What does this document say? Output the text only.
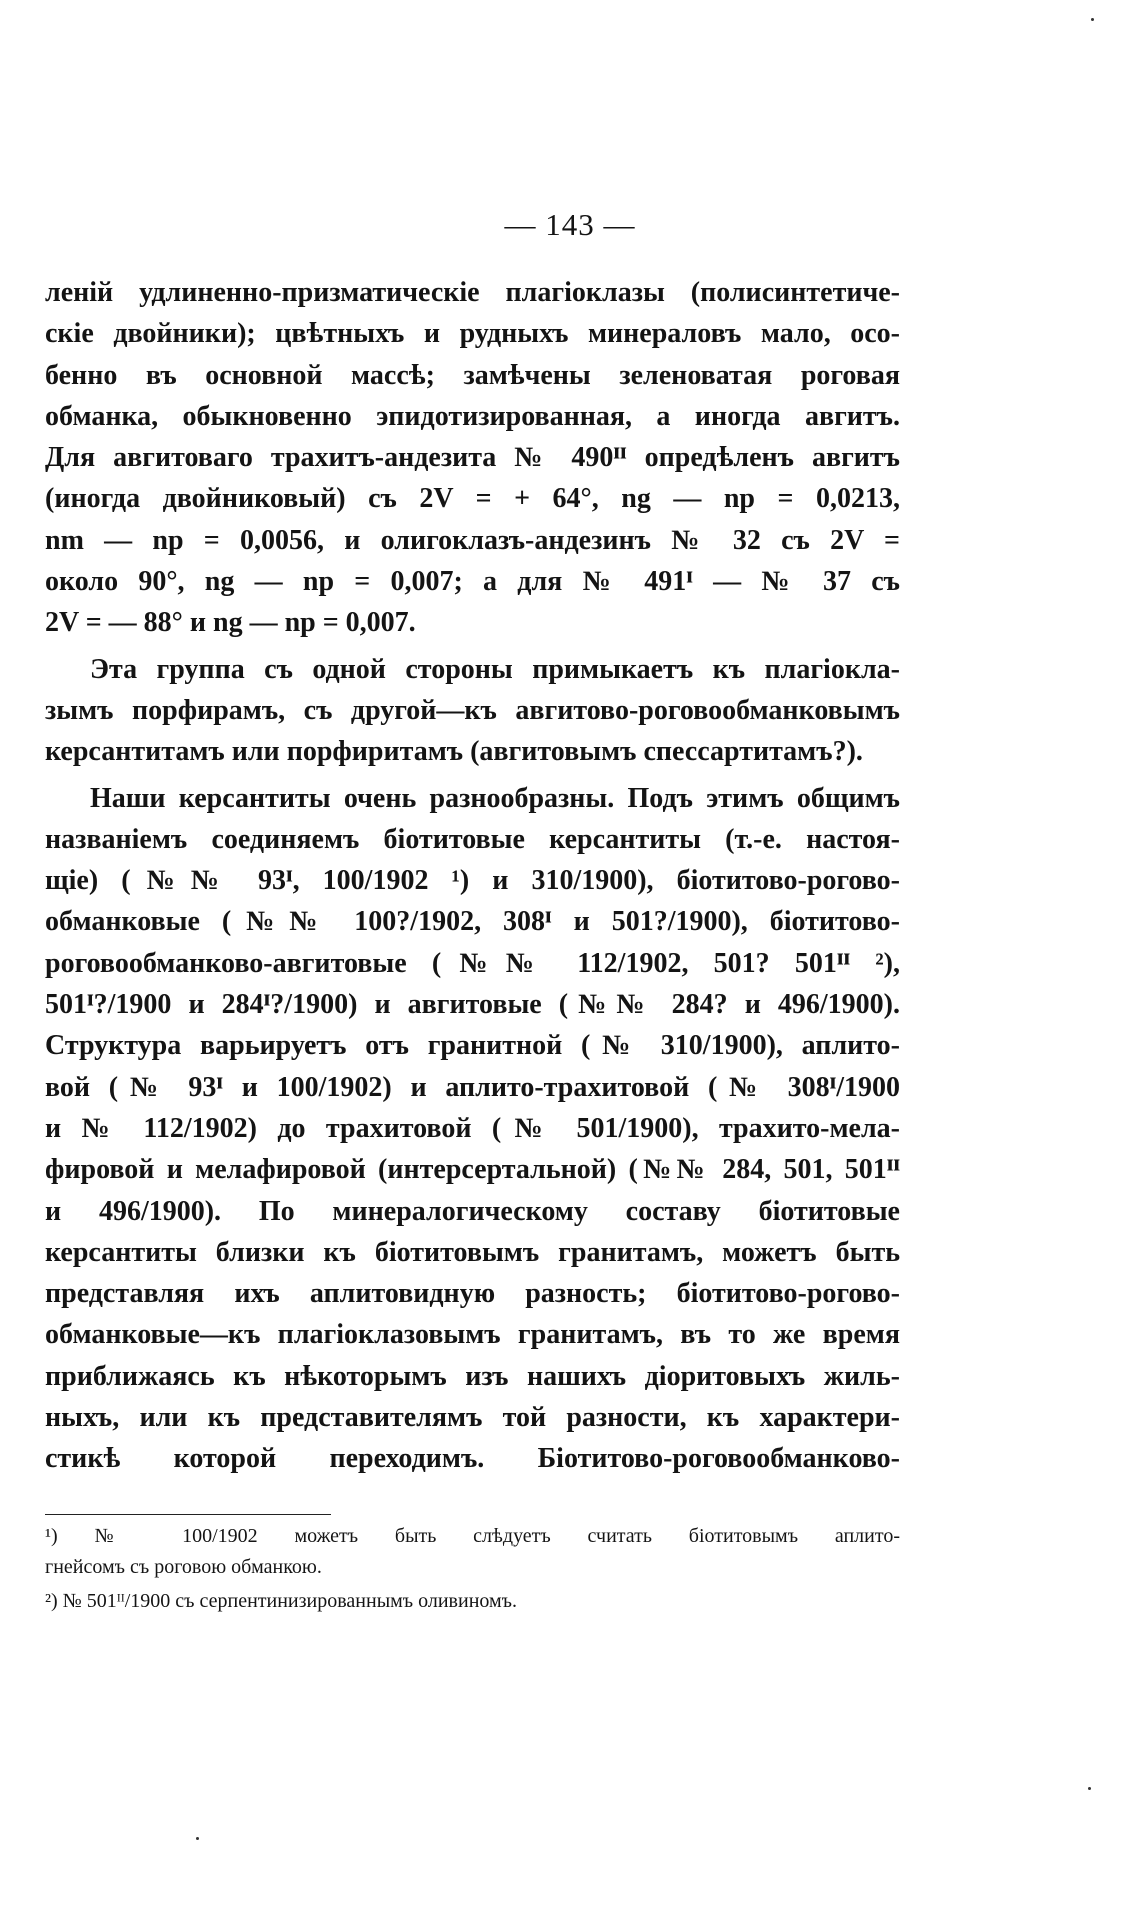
— 143 —
леній удлиненно-призматическіе плагіоклазы (полисинтетиче-
скіе двойники); цвѣтныхъ и рудныхъ минераловъ мало, осо-
бенно въ основной массѣ; замѣчены зеленоватая роговая
обманка, обыкновенно эпидотизированная, а иногда авгитъ.
Для авгитоваго трахитъ-андезита № 490ᴵᴵ опредѣленъ авгитъ
(иногда двойниковый) съ 2V = + 64°, ng — np = 0,0213,
nm — np = 0,0056, и олигоклазъ-андезинъ № 32 съ 2V =
около 90°, ng — np = 0,007; а для № 491ᴵ — № 37 съ
2V = — 88° и ng — np = 0,007.
Эта группа съ одной стороны примыкаетъ къ плагіокла-
зымъ порфирамъ, съ другой—къ авгитово-роговообманковымъ
керсантитамъ или порфиритамъ (авгитовымъ спессартитамъ?).
Наши керсантиты очень разнообразны. Подъ этимъ общимъ
названіемъ соединяемъ біотитовые керсантиты (т.-е. настоя-
щіе) (№№ 93ᴵ, 100/1902 ¹) и 310/1900), біотитово-рогово-
обманковые (№№ 100?/1902, 308ᴵ и 501?/1900), біотитово-
роговообманково-авгитовые (№№ 112/1902, 501? 501ᴵᴵ ²),
501ᴵ?/1900 и 284ᴵ?/1900) и авгитовые (№№ 284? и 496/1900).
Структура варьируетъ отъ гранитной (№ 310/1900), аплито-
вой (№ 93ᴵ и 100/1902) и аплито-трахитовой (№ 308ᴵ/1900
и № 112/1902) до трахитовой (№ 501/1900), трахито-мела-
фировой и мелафировой (интерсертальной) (№№ 284, 501, 501ᴵᴵ
и 496/1900). По минералогическому составу біотитовые
керсантиты близки къ біотитовымъ гранитамъ, можетъ быть
представляя ихъ аплитовидную разность; біотитово-рогово-
обманковые—къ плагіоклазовымъ гранитамъ, въ то же время
приближаясь къ нѣкоторымъ изъ нашихъ діоритовыхъ жиль-
ныхъ, или къ представителямъ той разности, къ характери-
стикѣ которой переходимъ. Біотитово-роговообманково-
¹) № 100/1902 можетъ быть слѣдуетъ считать біотитовымъ аплито-
гнейсомъ съ роговою обманкою.
²) № 501ᴵᴵ/1900 съ серпентинизированнымъ оливиномъ.
